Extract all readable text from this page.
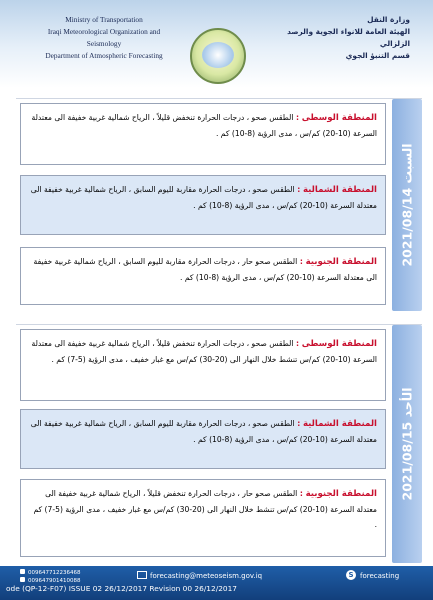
Ministry of Transportation
Iraqi Meteorological Organization and Seismology
Department of Atmospheric Forecasting
وزارة النقل
الهيئة العامة للانواء الجوية والرصد الزلزالي
قسم التنبؤ الجوي
السبت 2021/08/14
المنطقة الوسطى : الطقس صحو ، درجات الحرارة تنخفض قليلاً ، الرياح شمالية غربية خفيفة الى معتدلة السرعة (10-20) كم/س ، مدى الرؤية (8-10) كم .
المنطقة الشمالية : الطقس صحو ، درجات الحرارة مقاربة لليوم السابق ، الرياح شمالية غربية خفيفة الى معتدلة السرعة (10-20) كم/س ، مدى الرؤية (8-10) كم .
المنطقة الجنوبية : الطقس صحو حار ، درجات الحرارة مقاربة لليوم السابق ، الرياح شمالية غربية خفيفة الى معتدلة السرعة (10-20) كم/س ، مدى الرؤية (8-10) كم .
الأحد 2021/08/15
المنطقة الوسطى : الطقس صحو ، درجات الحرارة تنخفض قليلاً ، الرياح شمالية غربية خفيفة الى معتدلة السرعة (10-20) كم/س تنشط خلال النهار الى (20-30) كم/س مع غبار خفيف ، مدى الرؤية (5-7) كم .
المنطقة الشمالية : الطقس صحو ، درجات الحرارة مقاربة لليوم السابق ، الرياح شمالية غربية خفيفة الى معتدلة السرعة (10-20) كم/س ، مدى الرؤية (8-10) كم .
المنطقة الجنوبية : الطقس صحو حار ، درجات الحرارة تنخفض قليلاً ، الرياح شمالية غربية خفيفة الى معتدلة السرعة (10-20) كم/س تنشط خلال النهار الى (20-30) كم/س مع غبار خفيف ، مدى الرؤية (5-7) كم .
009647712236468
009647901410088
forecasting@meteoseism.gov.iq	S forecasting
ode (QP-12-F07) ISSUE 02 26/12/2017 Revision 00 26/12/2017
